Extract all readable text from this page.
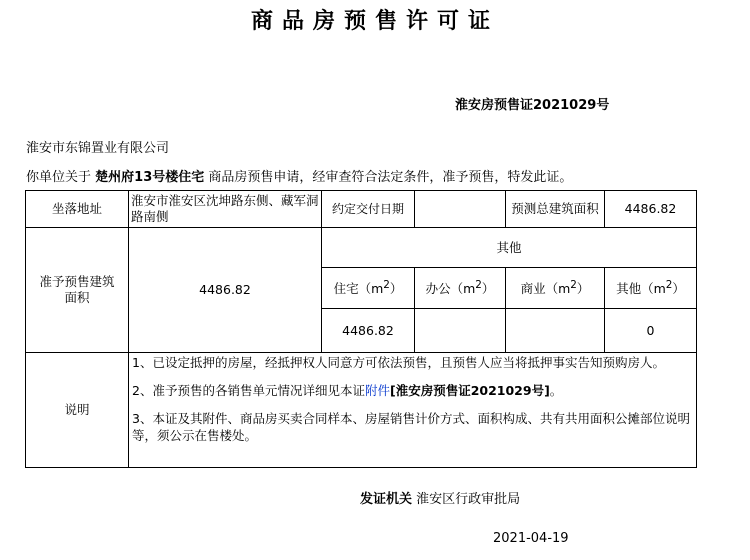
商品房预售许可证
淮安房预售证2021029号
淮安市东锦置业有限公司
你单位关于 楚州府13号楼住宅 商品房预售申请，经审查符合法定条件，准予预售，特发此证。
坐落地址	淮安市淮安区沈坤路东侧、藏军洞路南侧	约定交付日期		预测总建筑面积	4486.82
准予预售建筑面积	4486.82	其他			
		住宅$(m^2)$	办公$(m^2)$	商业$(m^2)$	其他$(m^2)$
		4486.82			0
说明	1、已设定抵押的房屋，经抵押权人同意方可依法预售，且预售人应当将抵押事实告知预购房人。

2、准予预售的各销售单元情况详细见本证附件[淮安房预售证2021029号]。

3、本证及其附件、商品房买卖合同样本、房屋销售计价方式、面积构成、共有共用面积公摊部位说明等，须公示在售楼处。				

发证机关 淮安区行政审批局
2021-04-19
